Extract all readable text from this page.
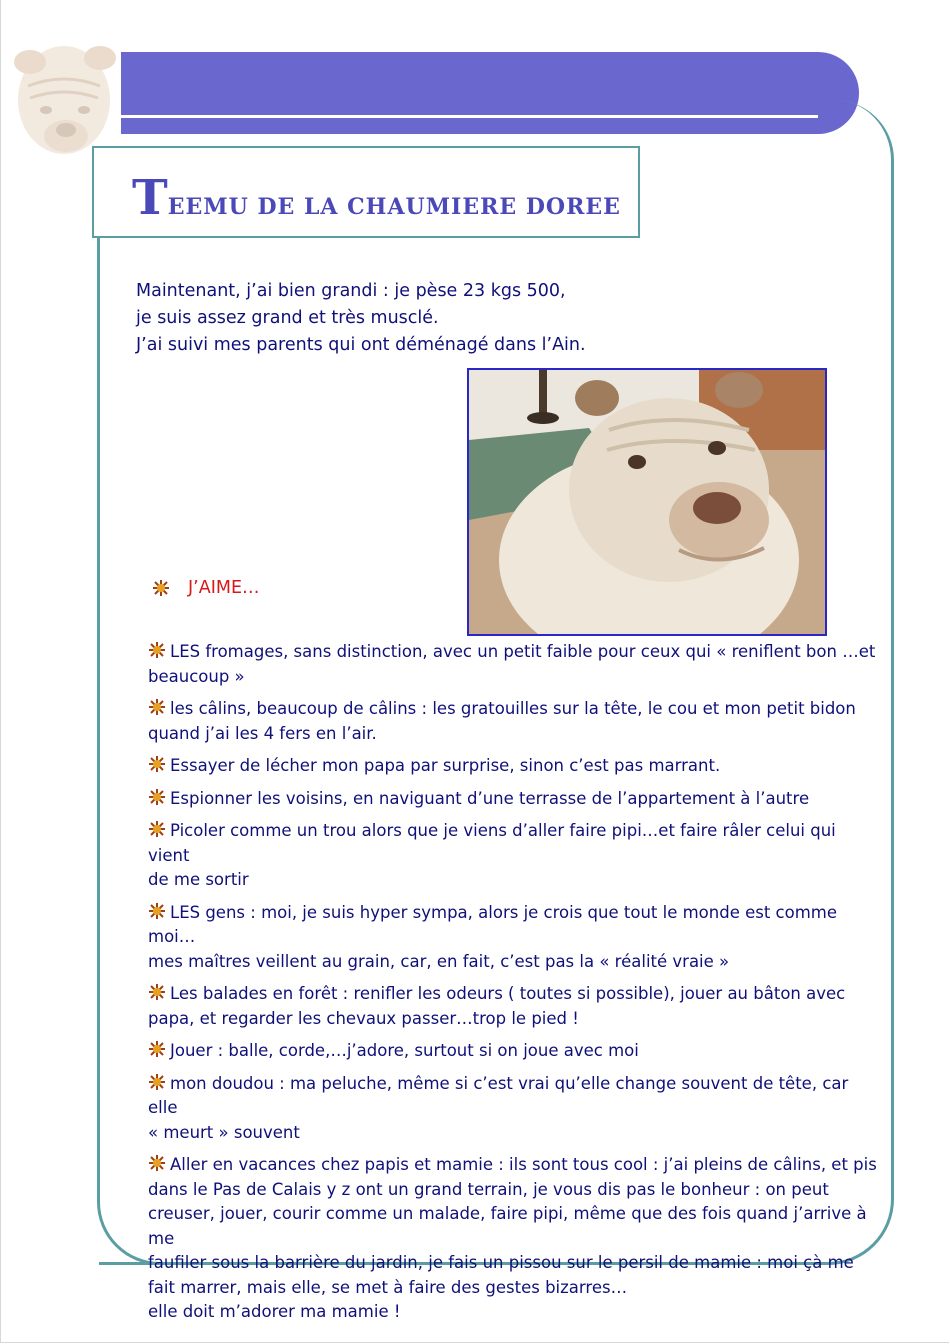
TEEMU DE LA CHAUMIERE DOREE
Maintenant, j’ai bien grandi : je pèse 23 kgs 500,
je suis assez grand et très musclé.
J’ai suivi mes parents qui ont déménagé dans l’Ain.
J’AIME…
LES fromages, sans distinction, avec un petit faible pour ceux qui « reniflent bon …et
beaucoup »
les câlins, beaucoup de câlins : les gratouilles sur la tête, le cou et mon petit bidon
quand j’ai les 4 fers en l’air.
Essayer de lécher mon papa par surprise, sinon c’est pas marrant.
Espionner les voisins, en naviguant d’une terrasse de l’appartement à l’autre
Picoler comme un trou alors que je viens d’aller faire pipi…et faire râler celui qui vient
de me sortir
LES gens : moi, je suis hyper sympa, alors je crois que tout le monde est comme moi…
mes maîtres veillent au grain, car, en fait, c’est pas la « réalité vraie »
Les balades en forêt : renifler les odeurs ( toutes si possible), jouer au bâton avec
papa, et regarder les chevaux passer…trop le pied !
Jouer : balle, corde,…j’adore, surtout si on joue avec moi
mon doudou : ma peluche, même si c’est vrai qu’elle change souvent de tête, car elle
« meurt » souvent
Aller en vacances chez papis et mamie : ils sont tous cool : j’ai pleins de câlins, et pis
dans le Pas de Calais y z ont un grand terrain, je vous dis pas le bonheur : on peut
creuser, jouer, courir comme un malade, faire pipi, même que des fois quand j’arrive à me
faufiler sous la barrière du jardin, je fais un pissou sur le persil de mamie : moi çà me
fait marrer, mais elle, se met à faire des gestes bizarres…
elle doit m’adorer ma mamie !
